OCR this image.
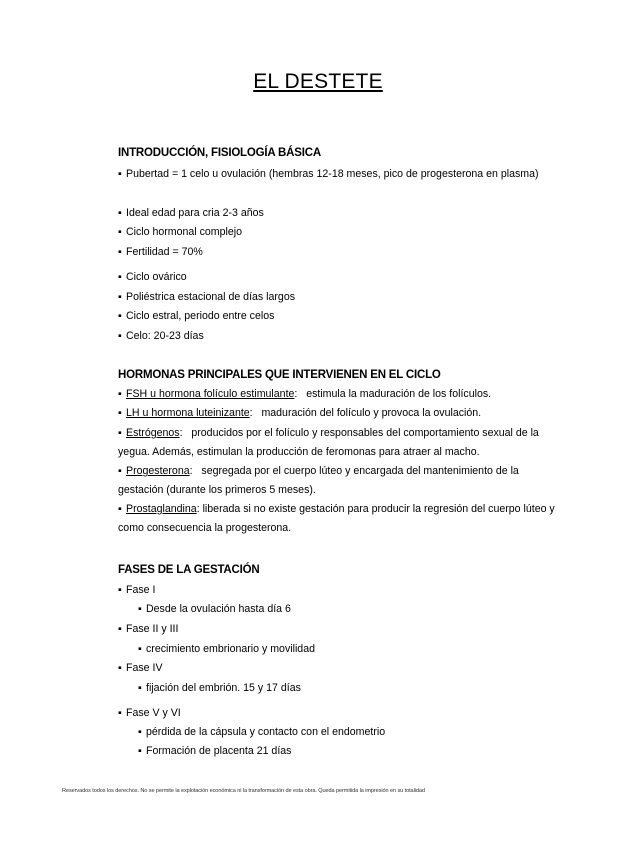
EL DESTETE
INTRODUCCIÓN, FISIOLOGÍA BÁSICA
▪ Pubertad = 1 celo u ovulación (hembras 12-18 meses, pico de progesterona en plasma)
▪ Ideal edad para cria 2-3 años
▪ Ciclo hormonal complejo
▪ Fertilidad = 70%
▪ Ciclo ovárico
▪ Poliéstrica estacional de días largos
▪ Ciclo estral, periodo entre celos
▪ Celo: 20-23 días
HORMONAS PRINCIPALES QUE INTERVIENEN EN EL CICLO
▪ FSH u hormona folículo estimulante:   estimula la maduración de los folículos.
▪ LH u hormona luteinizante:   maduración del folículo y provoca la ovulación.
▪ Estrógenos:   producidos por el folículo y responsables del comportamiento sexual de la yegua. Además, estimulan la producción de feromonas para atraer al macho.
▪ Progesterona:   segregada por el cuerpo lúteo y encargada del mantenimiento de la gestación (durante los primeros 5 meses).
▪ Prostaglandina: liberada si no existe gestación para producir la regresión del cuerpo lúteo y como consecuencia la progesterona.
FASES DE LA GESTACIÓN
▪ Fase I
▪ Desde la ovulación hasta día 6
▪ Fase II y III
▪ crecimiento embrionario y movilidad
▪ Fase IV
▪ fijación del embrión. 15 y 17 días
▪ Fase V y VI
▪ pérdida de la cápsula y contacto con el endometrio
▪ Formación de placenta 21 días
Reservados todos los derechos. No se permite la explotación económica ni la transformación de esta obra. Queda permitida la impresión en su totalidad
